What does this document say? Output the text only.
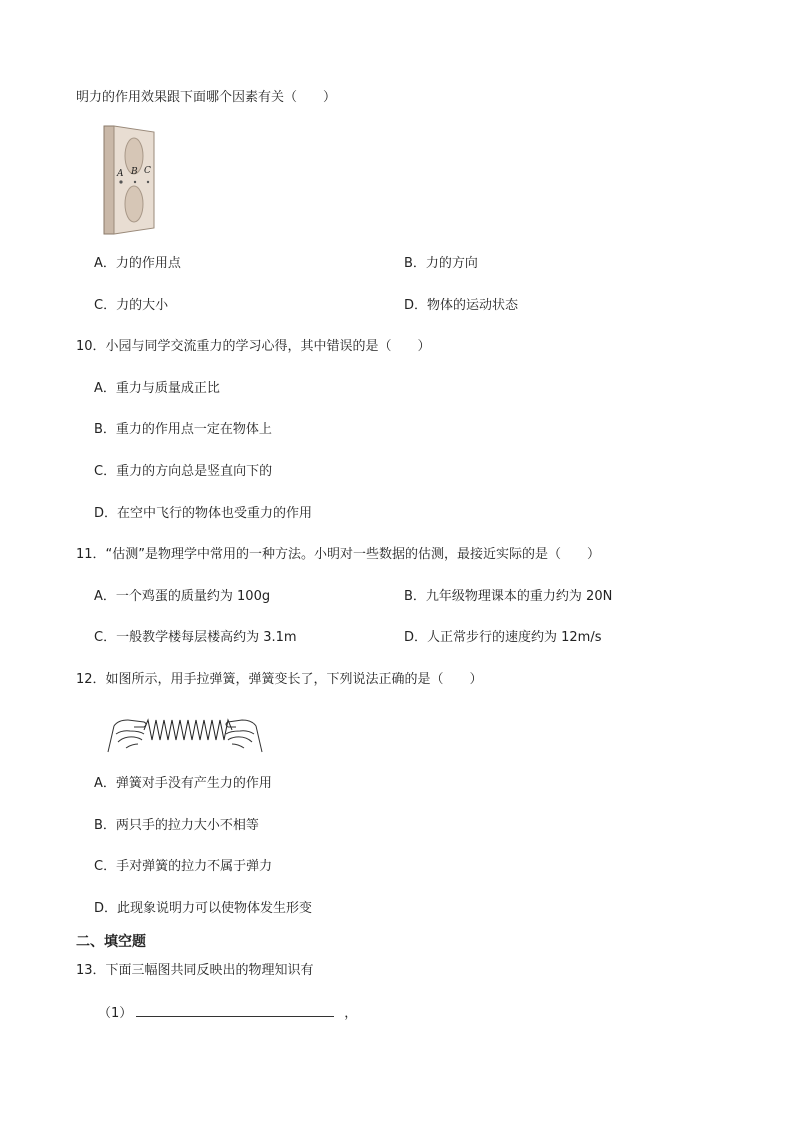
明力的作用效果跟下面哪个因素有关（　　）
A B C
A．力的作用点	B．力的方向
C．力的大小	D．物体的运动状态
10．小园与同学交流重力的学习心得，其中错误的是（　　）
A．重力与质量成正比
B．重力的作用点一定在物体上
C．重力的方向总是竖直向下的
D．在空中飞行的物体也受重力的作用
11．“估测”是物理学中常用的一种方法。小明对一些数据的估测，最接近实际的是（　　）
A．一个鸡蛋的质量约为 100g	B．九年级物理课本的重力约为 20N
C．一般教学楼每层楼高约为 3.1m	D．人正常步行的速度约为 12m/s
12．如图所示，用手拉弹簧，弹簧变长了，下列说法正确的是（　　）
A．弹簧对手没有产生力的作用
B．两只手的拉力大小不相等
C．手对弹簧的拉力不属于弹力
D．此现象说明力可以使物体发生形变
二、填空题
13．下面三幅图共同反映出的物理知识有
（1）	，
